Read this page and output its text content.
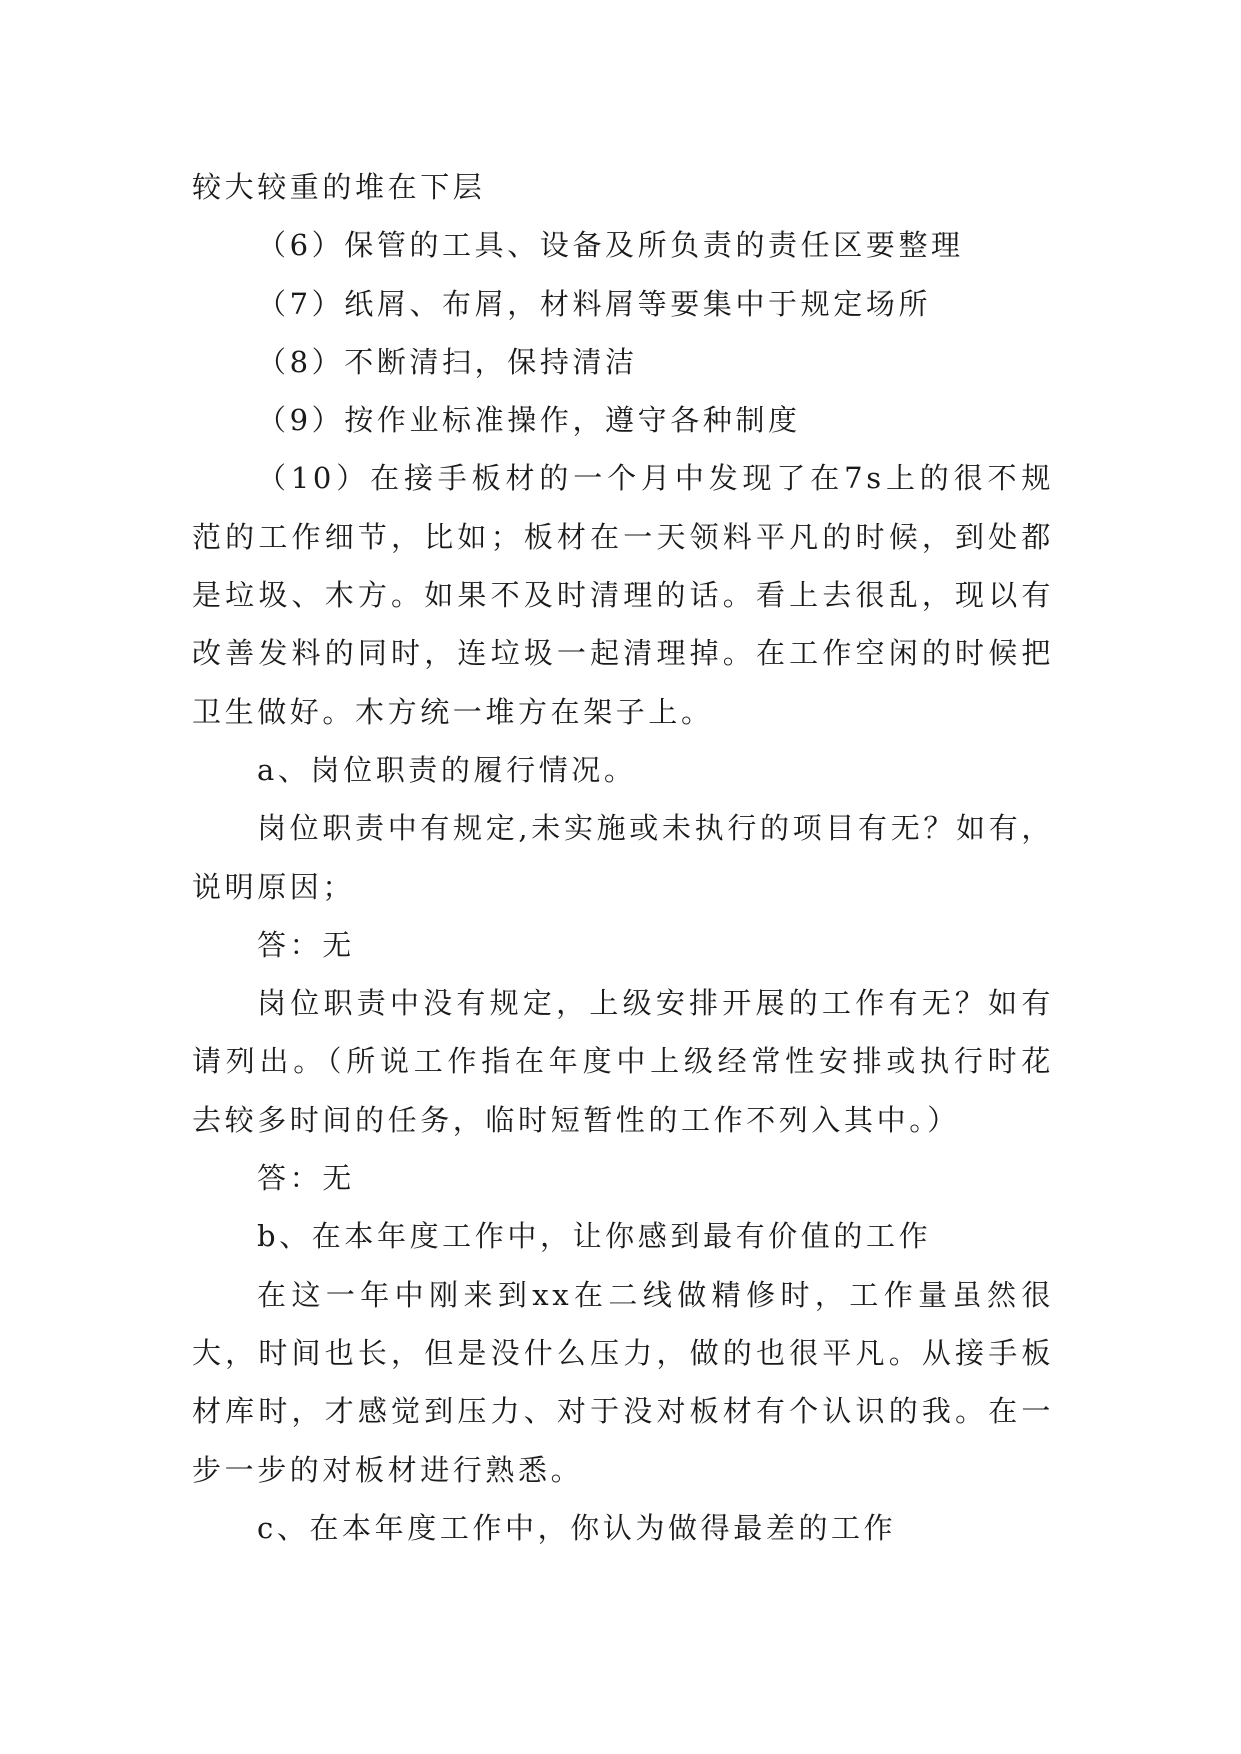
较大较重的堆在下层

（6）保管的工具、设备及所负责的责任区要整理

（7）纸屑、布屑，材料屑等要集中于规定场所

（8）不断清扫，保持清洁

（9）按作业标准操作，遵守各种制度

（10）在接手板材的一个月中发现了在7s上的很不规范的工作细节，比如；板材在一天领料平凡的时候，到处都是垃圾、木方。如果不及时清理的话。看上去很乱，现以有改善发料的同时，连垃圾一起清理掉。在工作空闲的时候把卫生做好。木方统一堆方在架子上。

a、岗位职责的履行情况。

岗位职责中有规定,未实施或未执行的项目有无？如有，说明原因；

答：无

岗位职责中没有规定，上级安排开展的工作有无？如有请列出。（所说工作指在年度中上级经常性安排或执行时花去较多时间的任务，临时短暂性的工作不列入其中。）

答：无

b、在本年度工作中，让你感到最有价值的工作

在这一年中刚来到xx在二线做精修时，工作量虽然很大，时间也长，但是没什么压力，做的也很平凡。从接手板材库时，才感觉到压力、对于没对板材有个认识的我。在一步一步的对板材进行熟悉。

c、在本年度工作中，你认为做得最差的工作
